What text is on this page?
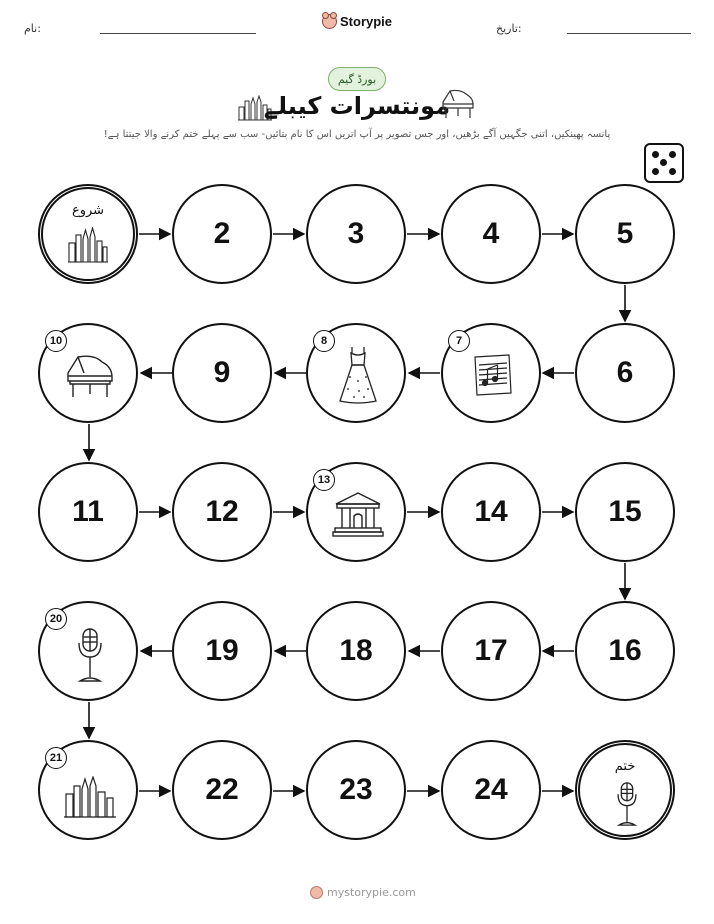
نام:	Storypie	تاریخ:
بورڈ گیم
مونتسرات کیبلے
پانسہ پھینکیں، اتنی جگہیں آگے بڑھیں، اور جس تصویر پر آپ اتریں اس کا نام بتائیں- سب سے پہلے ختم کرنے والا جیتتا ہے!
شروع
2	3	4	5
10
9
8	7
6
11	12
13
14	15
20
19	18	17	16
21
22	23	24
ختم
mystorypie.com
